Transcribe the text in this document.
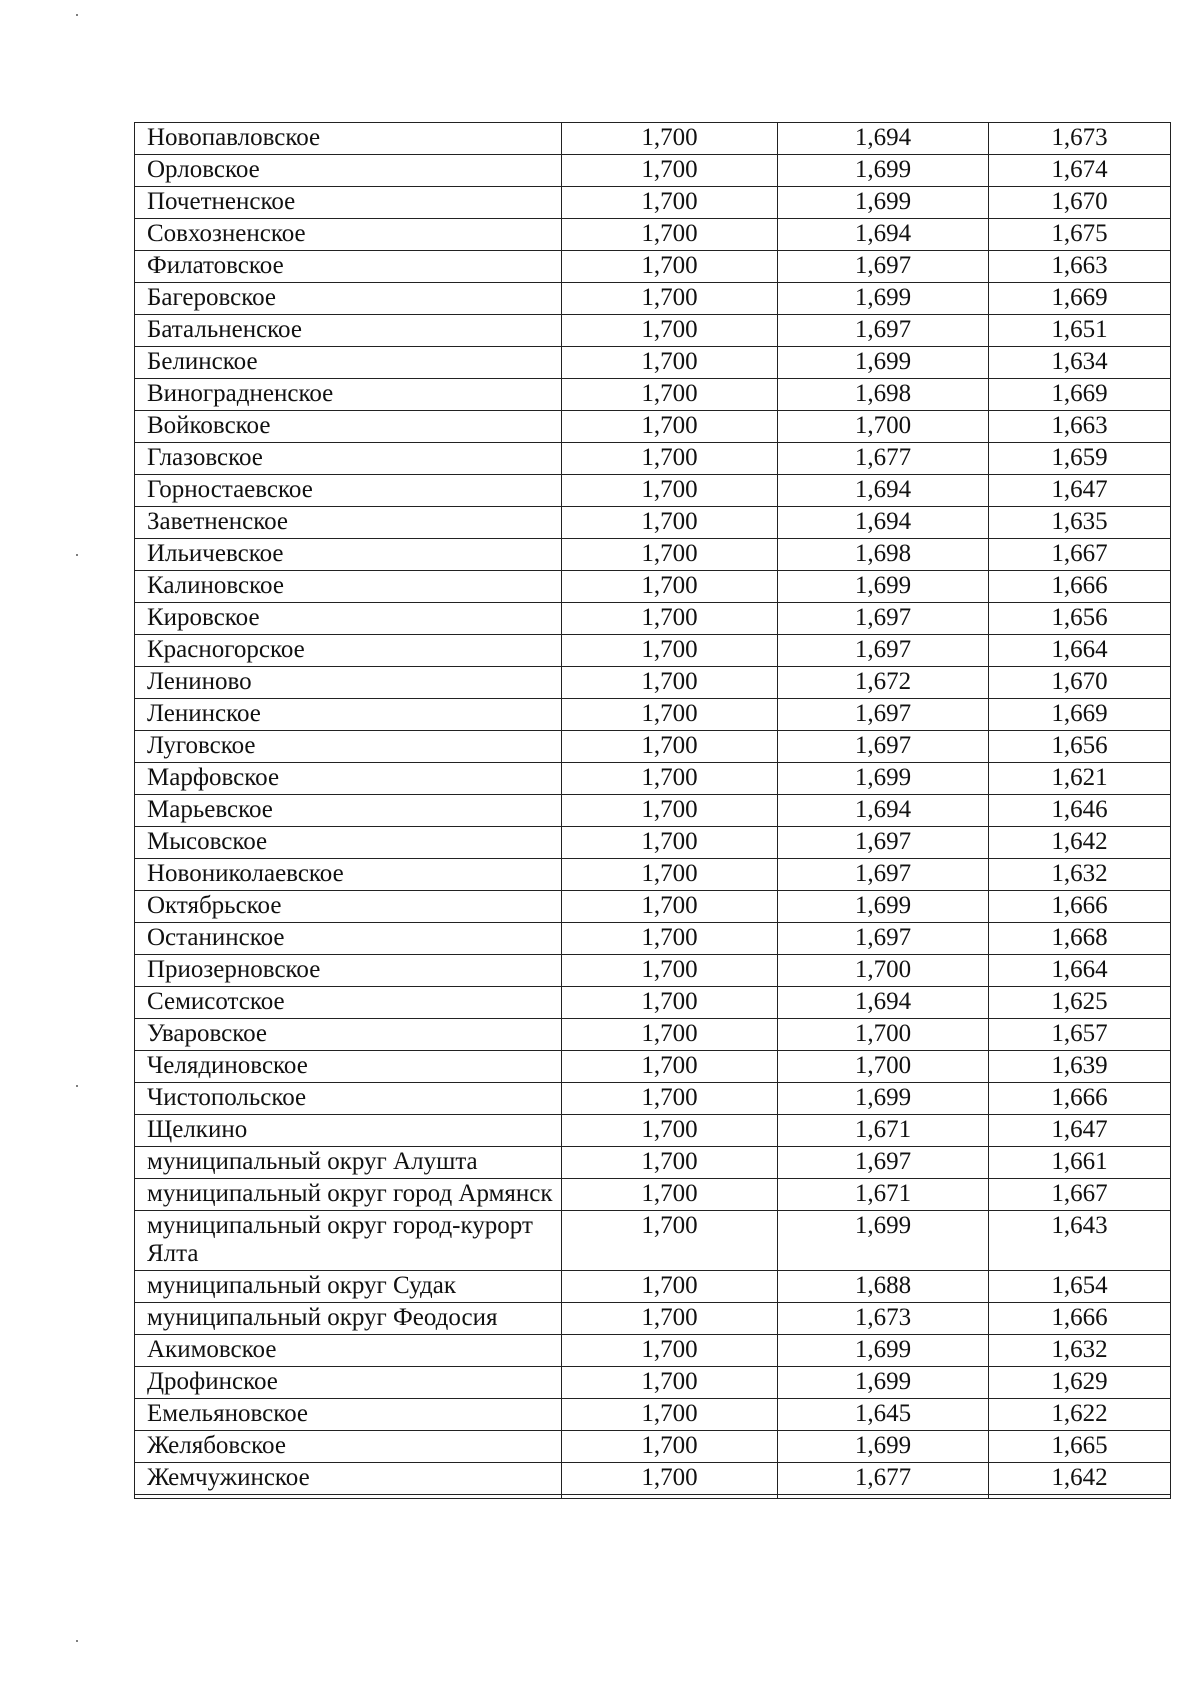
Новопавловское	1,700	1,694	1,673
Орловское	1,700	1,699	1,674
Почетненское	1,700	1,699	1,670
Совхозненское	1,700	1,694	1,675
Филатовское	1,700	1,697	1,663
Багеровское	1,700	1,699	1,669
Батальненское	1,700	1,697	1,651
Белинское	1,700	1,699	1,634
Виноградненское	1,700	1,698	1,669
Войковское	1,700	1,700	1,663
Глазовское	1,700	1,677	1,659
Горностаевское	1,700	1,694	1,647
Заветненское	1,700	1,694	1,635
Ильичевское	1,700	1,698	1,667
Калиновское	1,700	1,699	1,666
Кировское	1,700	1,697	1,656
Красногорское	1,700	1,697	1,664
Лениново	1,700	1,672	1,670
Ленинское	1,700	1,697	1,669
Луговское	1,700	1,697	1,656
Марфовское	1,700	1,699	1,621
Марьевское	1,700	1,694	1,646
Мысовское	1,700	1,697	1,642
Новониколаевское	1,700	1,697	1,632
Октябрьское	1,700	1,699	1,666
Останинское	1,700	1,697	1,668
Приозерновское	1,700	1,700	1,664
Семисотское	1,700	1,694	1,625
Уваровское	1,700	1,700	1,657
Челядиновское	1,700	1,700	1,639
Чистопольское	1,700	1,699	1,666
Щелкино	1,700	1,671	1,647
муниципальный округ Алушта	1,700	1,697	1,661
муниципальный округ город Армянск	1,700	1,671	1,667
муниципальный округ город-курорт Ялта	1,700	1,699	1,643
муниципальный округ Судак	1,700	1,688	1,654
муниципальный округ Феодосия	1,700	1,673	1,666
Акимовское	1,700	1,699	1,632
Дрофинское	1,700	1,699	1,629
Емельяновское	1,700	1,645	1,622
Желябовское	1,700	1,699	1,665
Жемчужинское	1,700	1,677	1,642
